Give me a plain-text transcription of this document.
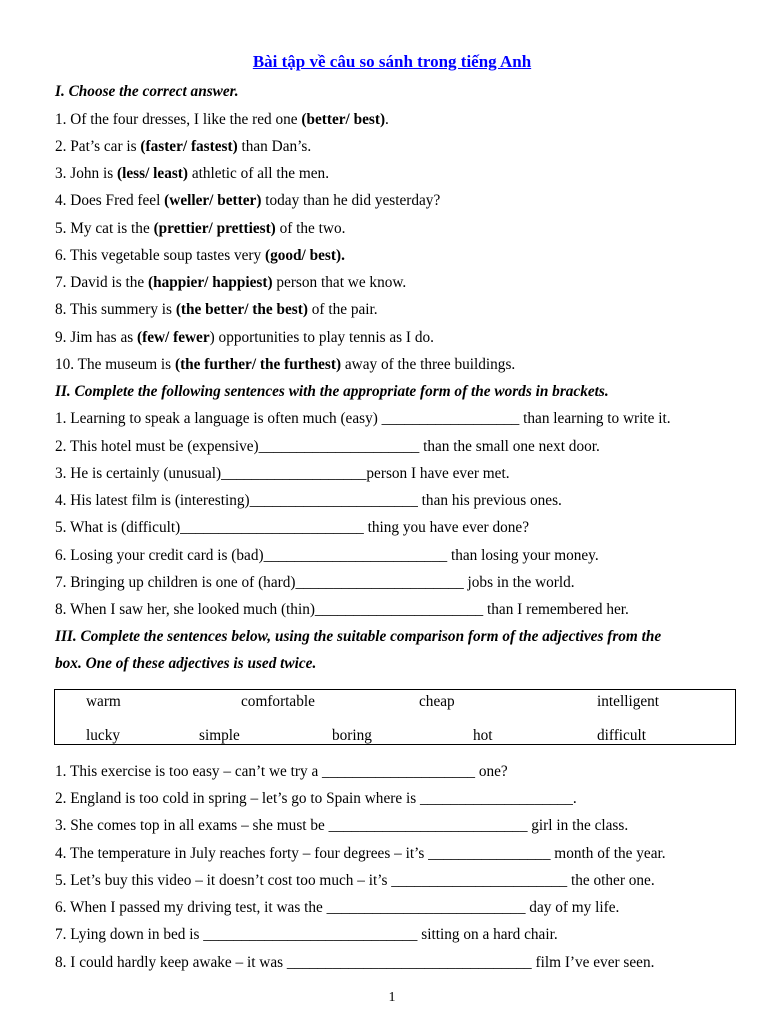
Bài tập về câu so sánh trong tiếng Anh
I. Choose the correct answer.
1. Of the four dresses, I like the red one (better/ best).
2. Pat’s car is (faster/ fastest) than Dan’s.
3. John is (less/ least) athletic of all the men.
4. Does Fred feel (weller/ better) today than he did yesterday?
5. My cat is the (prettier/ prettiest) of the two.
6. This vegetable soup tastes very (good/ best).
7. David is the (happier/ happiest) person that we know.
8. This summery is (the better/ the best) of the pair.
9. Jim has as (few/ fewer) opportunities to play tennis as I do.
10. The museum is (the further/ the furthest) away of the three buildings.
II. Complete the following sentences with the appropriate form of the words in brackets.
1. Learning to speak a language is often much (easy) __________________ than learning to write it.
2. This hotel must be (expensive)_____________________ than the small one next door.
3. He is certainly (unusual)___________________person I have ever met.
4. His latest film is (interesting)______________________ than his previous ones.
5. What is (difficult)________________________ thing you have ever done?
6. Losing your credit card is (bad)________________________ than losing your money.
7. Bringing up children is one of (hard)______________________ jobs in the world.
8. When I saw her, she looked much (thin)______________________ than I remembered her.
III. Complete the sentences below, using the suitable comparison form of the adjectives from the
box. One of these adjectives is used twice.
warm	comfortable	cheap	intelligent
lucky	simple	boring	hot	difficult
1. This exercise is too easy – can’t we try a ____________________ one?
2. England is too cold in spring – let’s go to Spain where is ____________________.
3. She comes top in all exams – she must be __________________________ girl in the class.
4. The temperature in July reaches forty – four degrees – it’s ________________ month of the year.
5. Let’s buy this video – it doesn’t cost too much – it’s _______________________ the other one.
6. When I passed my driving test, it was the __________________________ day of my life.
7. Lying down in bed is ____________________________ sitting on a hard chair.
8. I could hardly keep awake – it was ________________________________ film I’ve ever seen.
1
